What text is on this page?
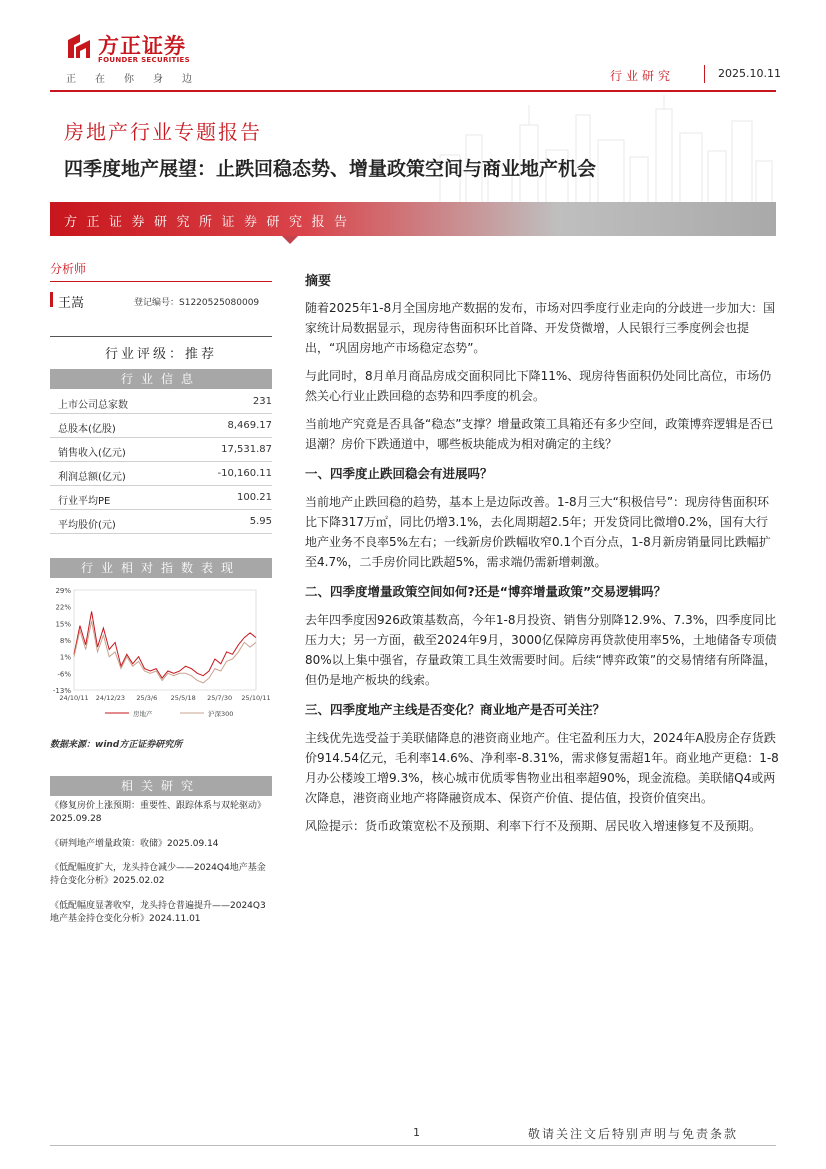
方正证券
FOUNDER SECURITIES
正在你身边	行业研究	2025.10.11
房地产行业专题报告
四季度地产展望：止跌回稳态势、增量政策空间与商业地产机会
方正证券研究所证券研究报告
分析师
王嵩	登记编号：S1220525080009
行业评级：推荐
行业信息
上市公司总家数	231
总股本(亿股)	8,469.17
销售收入(亿元)	17,531.87
利润总额(亿元)	-10,160.11
行业平均PE	100.21
平均股价(元)	5.95
行业相对指数表现
29%
22%
15%
8%
1%
-6%
-13%
24/10/11 24/12/23 25/3/6 25/5/18 25/7/30 25/10/11
房地产	沪深300
数据来源：wind方正证券研究所
相关研究
《修复房价上涨预期：重要性、跟踪体系与双轮驱动》2025.09.28
《研判地产增量政策：收储》2025.09.14
《低配幅度扩大，龙头持仓减少——2024Q4地产基金持仓变化分析》2025.02.02
《低配幅度显著收窄，龙头持仓普遍提升——2024Q3地产基金持仓变化分析》2024.11.01
摘要

随着2025年1-8月全国房地产数据的发布，市场对四季度行业走向的分歧进一步加大：国家统计局数据显示，现房待售面积环比首降、开发贷微增，人民银行三季度例会也提出，“巩固房地产市场稳定态势”。

与此同时，8月单月商品房成交面积同比下降11%、现房待售面积仍处同比高位，市场仍然关心行业止跌回稳的态势和四季度的机会。

当前地产究竟是否具备“稳态”支撑？增量政策工具箱还有多少空间，政策博弈逻辑是否已退潮？房价下跌通道中，哪些板块能成为相对确定的主线？

一、四季度止跌回稳会有进展吗？

当前地产止跌回稳的趋势，基本上是边际改善。1-8月三大“积极信号”：现房待售面积环比下降317万㎡，同比仍增3.1%，去化周期超2.5年；开发贷同比微增0.2%，国有大行地产业务不良率5%左右；一线新房价跌幅收窄0.1个百分点，1-8月新房销量同比跌幅扩至4.7%，二手房价同比跌超5%，需求端仍需新增刺激。

二、四季度增量政策空间如何?还是“博弈增量政策”交易逻辑吗？

去年四季度因926政策基数高，今年1-8月投资、销售分别降12.9%、7.3%，四季度同比压力大；另一方面，截至2024年9月，3000亿保障房再贷款使用率5%，土地储备专项债80%以上集中强省，存量政策工具生效需要时间。后续“博弈政策”的交易情绪有所降温，但仍是地产板块的线索。

三、四季度地产主线是否变化？商业地产是否可关注？

主线优先选受益于美联储降息的港资商业地产。住宅盈利压力大，2024年A股房企存货跌价914.54亿元，毛利率14.6%、净利率-8.31%，需求修复需超1年。商业地产更稳：1-8月办公楼竣工增9.3%，核心城市优质零售物业出租率超90%，现金流稳。美联储Q4或两次降息，港资商业地产将降融资成本、保资产价值、提估值，投资价值突出。

风险提示：货币政策宽松不及预期、利率下行不及预期、居民收入增速修复不及预期。

1	敬请关注文后特别声明与免责条款
